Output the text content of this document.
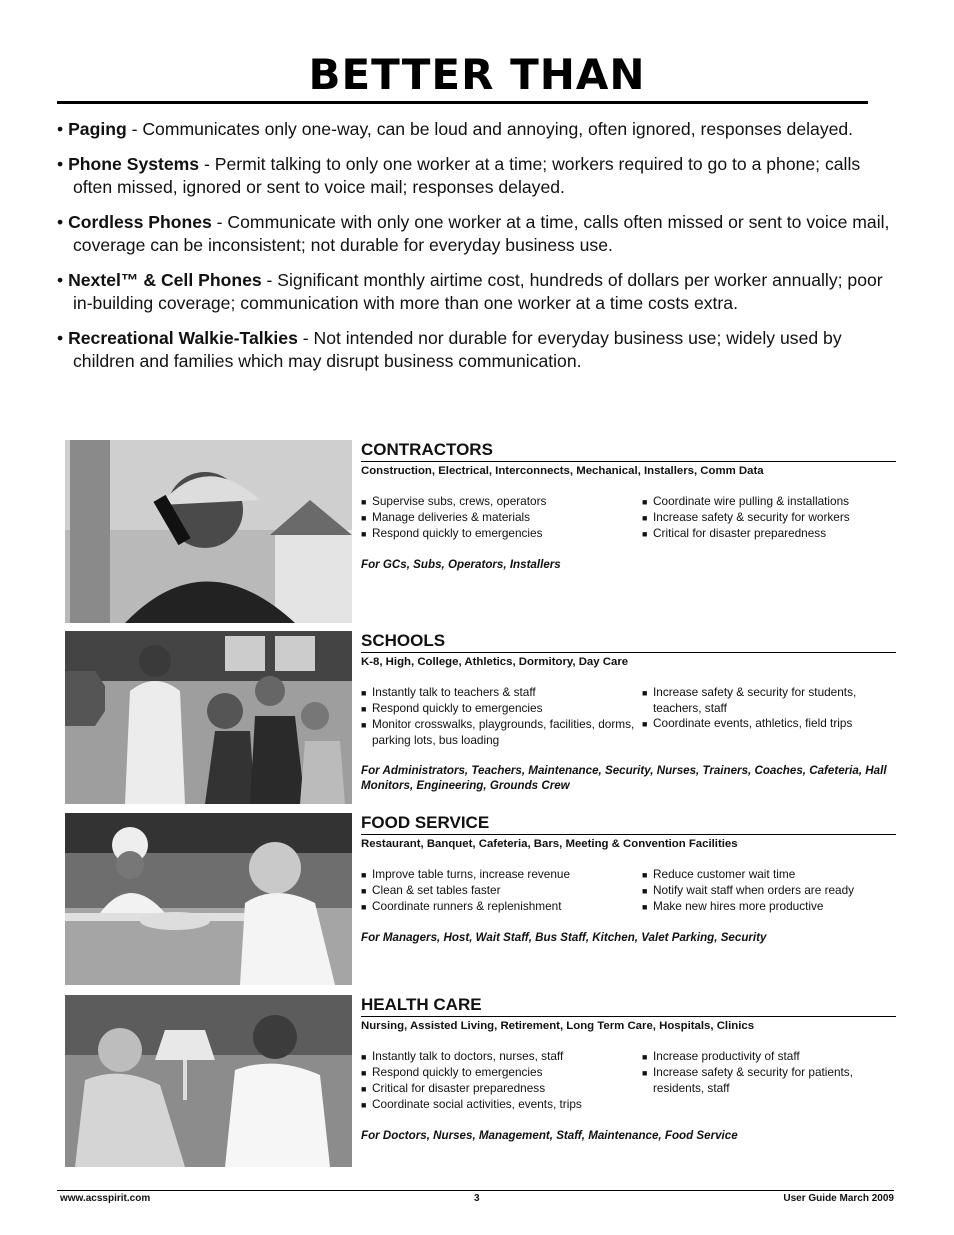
BETTER THAN
• Paging - Communicates only one-way, can be loud and annoying, often ignored, responses delayed.
• Phone Systems - Permit talking to only one worker at a time; workers required to go to a phone; calls often missed, ignored or sent to voice mail; responses delayed.
• Cordless Phones - Communicate with only one worker at a time, calls often missed or sent to voice mail, coverage can be inconsistent; not durable for everyday business use.
• Nextel™ & Cell Phones - Significant monthly airtime cost, hundreds of dollars per worker annually; poor in-building coverage; communication with more than one worker at a time costs extra.
• Recreational Walkie-Talkies - Not intended nor durable for everyday business use; widely used by children and families which may disrupt business communication.
CONTRACTORS
Construction, Electrical, Interconnects, Mechanical, Installers, Comm Data
■ Supervise subs, crews, operators
■ Manage deliveries & materials
■ Respond quickly to emergencies
■ Coordinate wire pulling & installations
■ Increase safety & security for workers
■ Critical for disaster preparedness
For GCs, Subs, Operators, Installers
SCHOOLS
K-8, High, College, Athletics, Dormitory, Day Care
■ Instantly talk to teachers & staff
■ Respond quickly to emergencies
■ Monitor crosswalks, playgrounds, facilities, dorms, parking lots, bus loading
■ Increase safety & security for students, teachers, staff
■ Coordinate events, athletics, field trips
For Administrators, Teachers, Maintenance, Security, Nurses, Trainers, Coaches, Cafeteria, Hall Monitors, Engineering, Grounds Crew
FOOD SERVICE
Restaurant, Banquet, Cafeteria, Bars, Meeting & Convention Facilities
■ Improve table turns, increase revenue
■ Clean & set tables faster
■ Coordinate runners & replenishment
■ Reduce customer wait time
■ Notify wait staff when orders are ready
■ Make new hires more productive
For Managers, Host, Wait Staff, Bus Staff, Kitchen, Valet Parking, Security
HEALTH CARE
Nursing, Assisted Living, Retirement, Long Term Care, Hospitals, Clinics
■ Instantly talk to doctors, nurses, staff
■ Respond quickly to emergencies
■ Critical for disaster preparedness
■ Coordinate social activities, events, trips
■ Increase productivity of staff
■ Increase safety & security for patients, residents, staff
For Doctors, Nurses, Management, Staff, Maintenance, Food Service
www.acsspirit.com	3	User Guide March 2009
